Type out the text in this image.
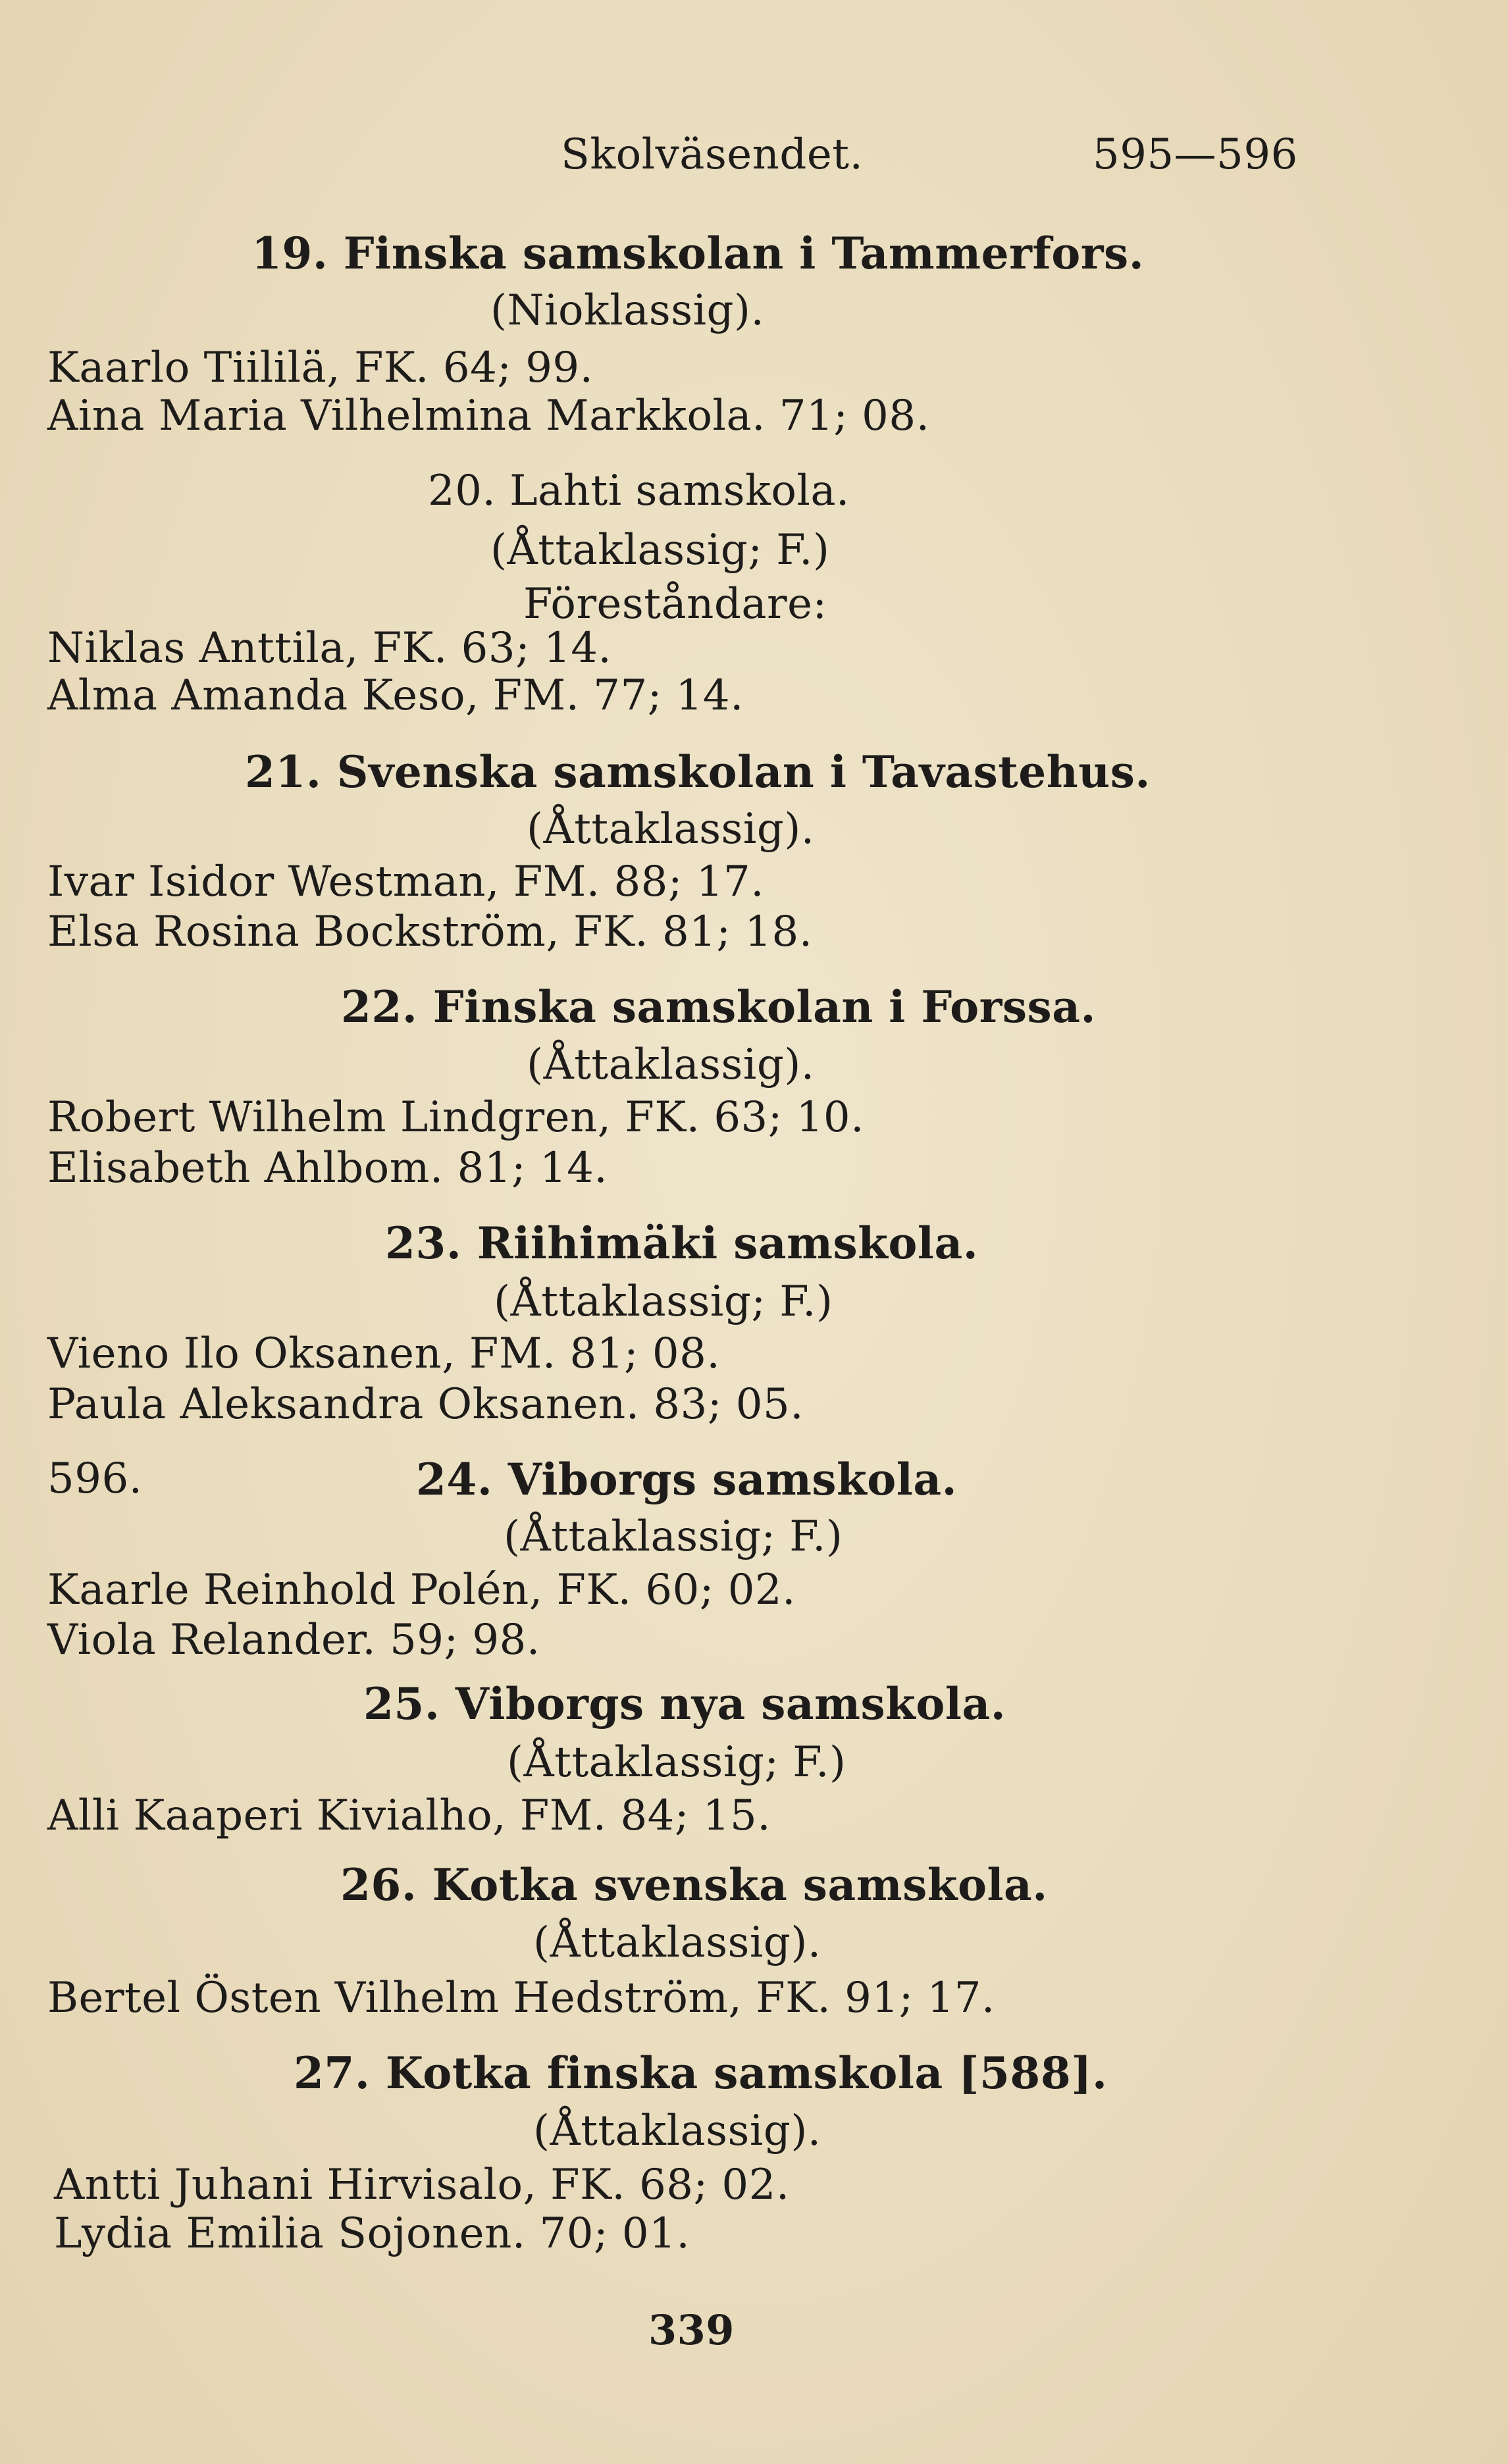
Skolväsendet.	595—596
19. Finska samskolan i Tammerfors.
(Nioklassig).
Kaarlo Tiililä, FK. 64; 99.
Aina Maria Vilhelmina Markkola. 71; 08.
20. Lahti samskola.
(Åttaklassig; F.)
Föreståndare:
Niklas Anttila, FK. 63; 14.
Alma Amanda Keso, FM. 77; 14.
21. Svenska samskolan i Tavastehus.
(Åttaklassig).
Ivar Isidor Westman, FM. 88; 17.
Elsa Rosina Bockström, FK. 81; 18.
22. Finska samskolan i Forssa.
(Åttaklassig).
Robert Wilhelm Lindgren, FK. 63; 10.
Elisabeth Ahlbom. 81; 14.
23. Riihimäki samskola.
(Åttaklassig; F.)
Vieno Ilo Oksanen, FM. 81; 08.
Paula Aleksandra Oksanen. 83; 05.
596.	24. Viborgs samskola.
(Åttaklassig; F.)
Kaarle Reinhold Polén, FK. 60; 02.
Viola Relander. 59; 98.
25. Viborgs nya samskola.
(Åttaklassig; F.)
Alli Kaaperi Kivialho, FM. 84; 15.
26. Kotka svenska samskola.
(Åttaklassig).
Bertel Östen Vilhelm Hedström, FK. 91; 17.
27. Kotka finska samskola [588].
(Åttaklassig).
Antti Juhani Hirvisalo, FK. 68; 02.
Lydia Emilia Sojonen. 70; 01.
339
